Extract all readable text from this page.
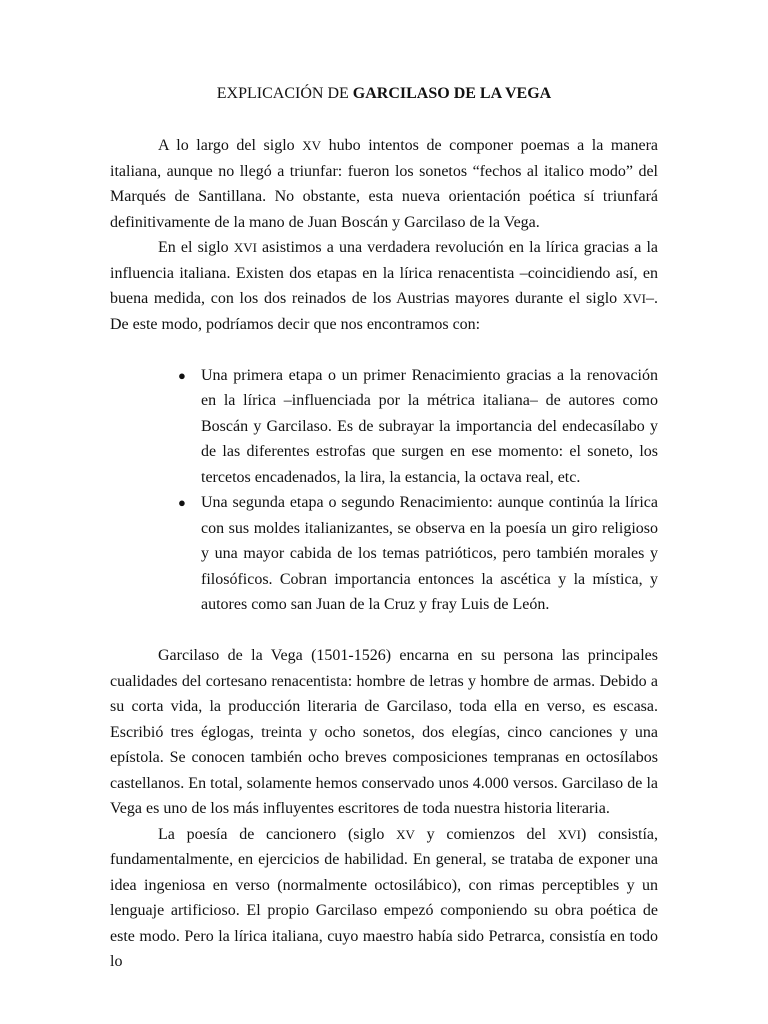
EXPLICACIÓN DE GARCILASO DE LA VEGA

A lo largo del siglo XV hubo intentos de componer poemas a la manera italiana, aunque no llegó a triunfar: fueron los sonetos “fechos al italico modo” del Marqués de Santillana. No obstante, esta nueva orientación poética sí triunfará definitivamente de la mano de Juan Boscán y Garcilaso de la Vega.

En el siglo XVI asistimos a una verdadera revolución en la lírica gracias a la influencia italiana. Existen dos etapas en la lírica renacentista –coincidiendo así, en buena medida, con los dos reinados de los Austrias mayores durante el siglo XVI–. De este modo, podríamos decir que nos encontramos con:

● Una primera etapa o un primer Renacimiento gracias a la renovación en la lírica –influenciada por la métrica italiana– de autores como Boscán y Garcilaso. Es de subrayar la importancia del endecasílabo y de las diferentes estrofas que surgen en ese momento: el soneto, los tercetos encadenados, la lira, la estancia, la octava real, etc.
● Una segunda etapa o segundo Renacimiento: aunque continúa la lírica con sus moldes italianizantes, se observa en la poesía un giro religioso y una mayor cabida de los temas patrióticos, pero también morales y filosóficos. Cobran importancia entonces la ascética y la mística, y autores como san Juan de la Cruz y fray Luis de León.

Garcilaso de la Vega (1501-1526) encarna en su persona las principales cualidades del cortesano renacentista: hombre de letras y hombre de armas. Debido a su corta vida, la producción literaria de Garcilaso, toda ella en verso, es escasa. Escribió tres églogas, treinta y ocho sonetos, dos elegías, cinco canciones y una epístola. Se conocen también ocho breves composiciones tempranas en octosílabos castellanos. En total, solamente hemos conservado unos 4.000 versos. Garcilaso de la Vega es uno de los más influyentes escritores de toda nuestra historia literaria.

La poesía de cancionero (siglo XV y comienzos del XVI) consistía, fundamentalmente, en ejercicios de habilidad. En general, se trataba de exponer una idea ingeniosa en verso (normalmente octosilábico), con rimas perceptibles y un lenguaje artificioso. El propio Garcilaso empezó componiendo su obra poética de este modo. Pero la lírica italiana, cuyo maestro había sido Petrarca, consistía en todo lo
